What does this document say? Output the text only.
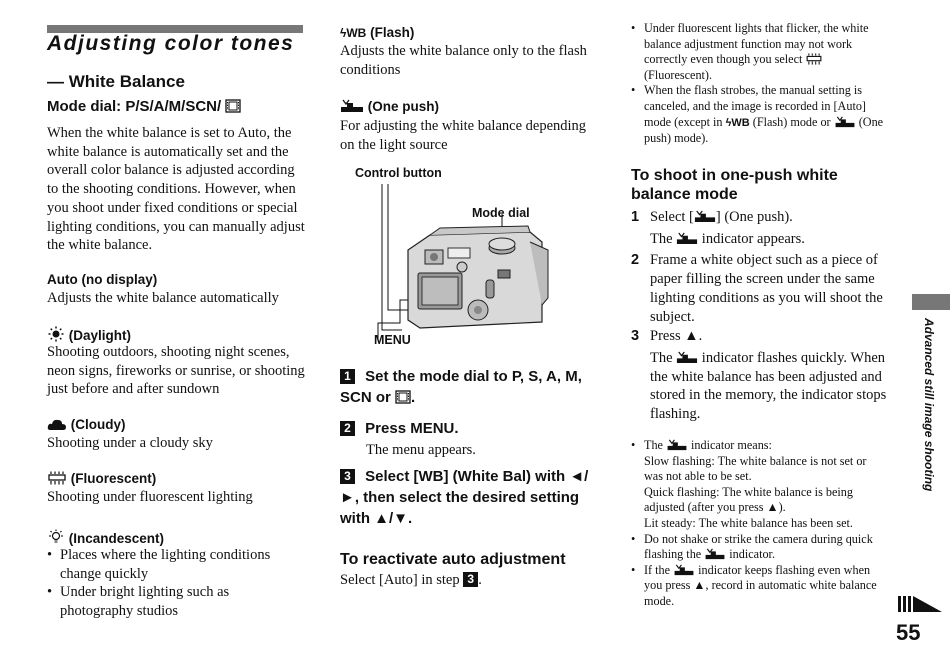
Adjusting color tones
— White Balance
Mode dial: P/S/A/M/SCN/
When the white balance is set to Auto, the white balance is automatically set and the overall color balance is adjusted according to the shooting conditions. However, when you shoot under fixed conditions or special lighting conditions, you can manually adjust the white balance.
Auto (no display)
Adjusts the white balance automatically
(Daylight)
Shooting outdoors, shooting night scenes, neon signs, fireworks or sunrise, or shooting just before and after sundown
(Cloudy)
Shooting under a cloudy sky
(Fluorescent)
Shooting under fluorescent lighting
(Incandescent)
• Places where the lighting conditions change quickly
• Under bright lighting such as photography studios
ϟWB (Flash)
Adjusts the white balance only to the flash conditions
(One push)
For adjusting the white balance depending on the light source
Control button
Mode dial
MENU
1 Set the mode dial to P, S, A, M, SCN or .
2 Press MENU.
The menu appears.
3 Select [WB] (White Bal) with ◄/►, then select the desired setting with ▲/▼.
To reactivate auto adjustment
Select [Auto] in step 3 .
• Under fluorescent lights that flicker, the white balance adjustment function may not work correctly even though you select  (Fluorescent).
• When the flash strobes, the manual setting is canceled, and the image is recorded in [Auto] mode (except in ϟWB (Flash) mode or (One push) mode).
To shoot in one-push white balance mode
1 Select [ ] (One push).
The indicator appears.
2 Frame a white object such as a piece of paper filling the screen under the same lighting conditions as you will shoot the subject.
3 Press ▲.
The indicator flashes quickly. When the white balance has been adjusted and stored in the memory, the indicator stops flashing.
• The indicator means:
Slow flashing: The white balance is not set or was not able to be set.
Quick flashing: The white balance is being adjusted (after you press ▲).
Lit steady: The white balance has been set.
• Do not shake or strike the camera during quick flashing the indicator.
• If the indicator keeps flashing even when you press ▲, record in automatic white balance mode.
Advanced still image shooting
55
